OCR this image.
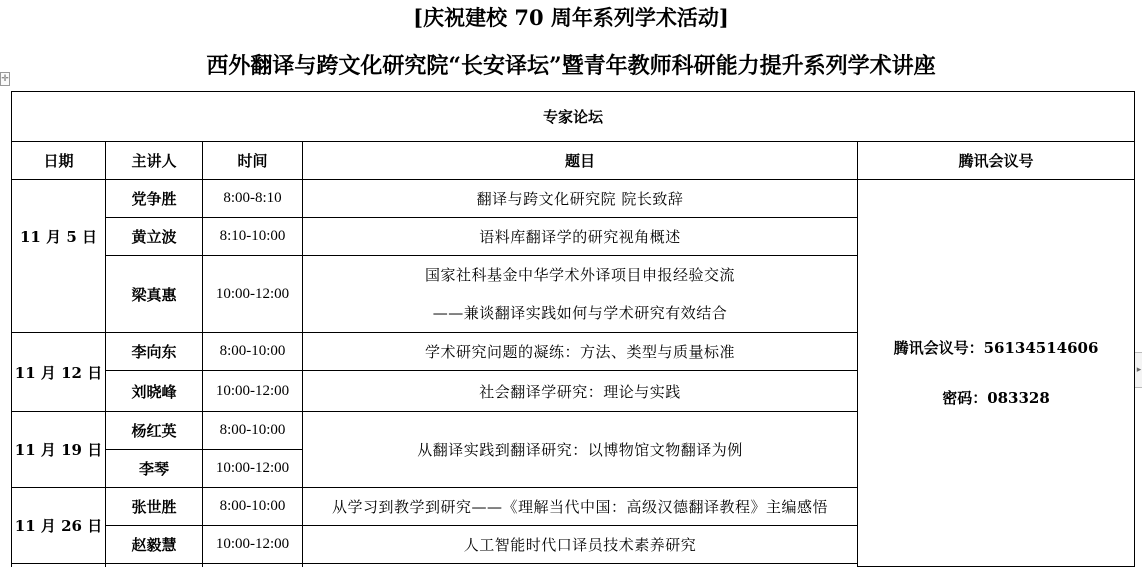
[庆祝建校 70 周年系列学术活动]
西外翻译与跨文化研究院“长安译坛”暨青年教师科研能力提升系列学术讲座
✛
▸
专家论坛				
日期	主讲人	时间	题目	腾讯会议号
11 月 5 日	党争胜	8:00-8:10	翻译与跨文化研究院 院长致辞	腾讯会议号：56134514606
密码：083328

	黄立波	8:10-10:00	语料库翻译学的研究视角概述	
	梁真惠	10:00-12:00	国家社科基金中华学术外译项目申报经验交流
——兼谈翻译实践如何与学术研究有效结合	

11 月 12 日	李向东	8:00-10:00	学术研究问题的凝练：方法、类型与质量标准	
	刘晓峰	10:00-12:00	社会翻译学研究：理论与实践	
11 月 19 日	杨红英	8:00-10:00	从翻译实践到翻译研究：以博物馆文物翻译为例	
	李琴	10:00-12:00		
11 月 26 日	张世胜	8:00-10:00	从学习到教学到研究——《理解当代中国：高级汉德翻译教程》主编感悟	
	赵毅慧	10:00-12:00	人工智能时代口译员技术素养研究	
